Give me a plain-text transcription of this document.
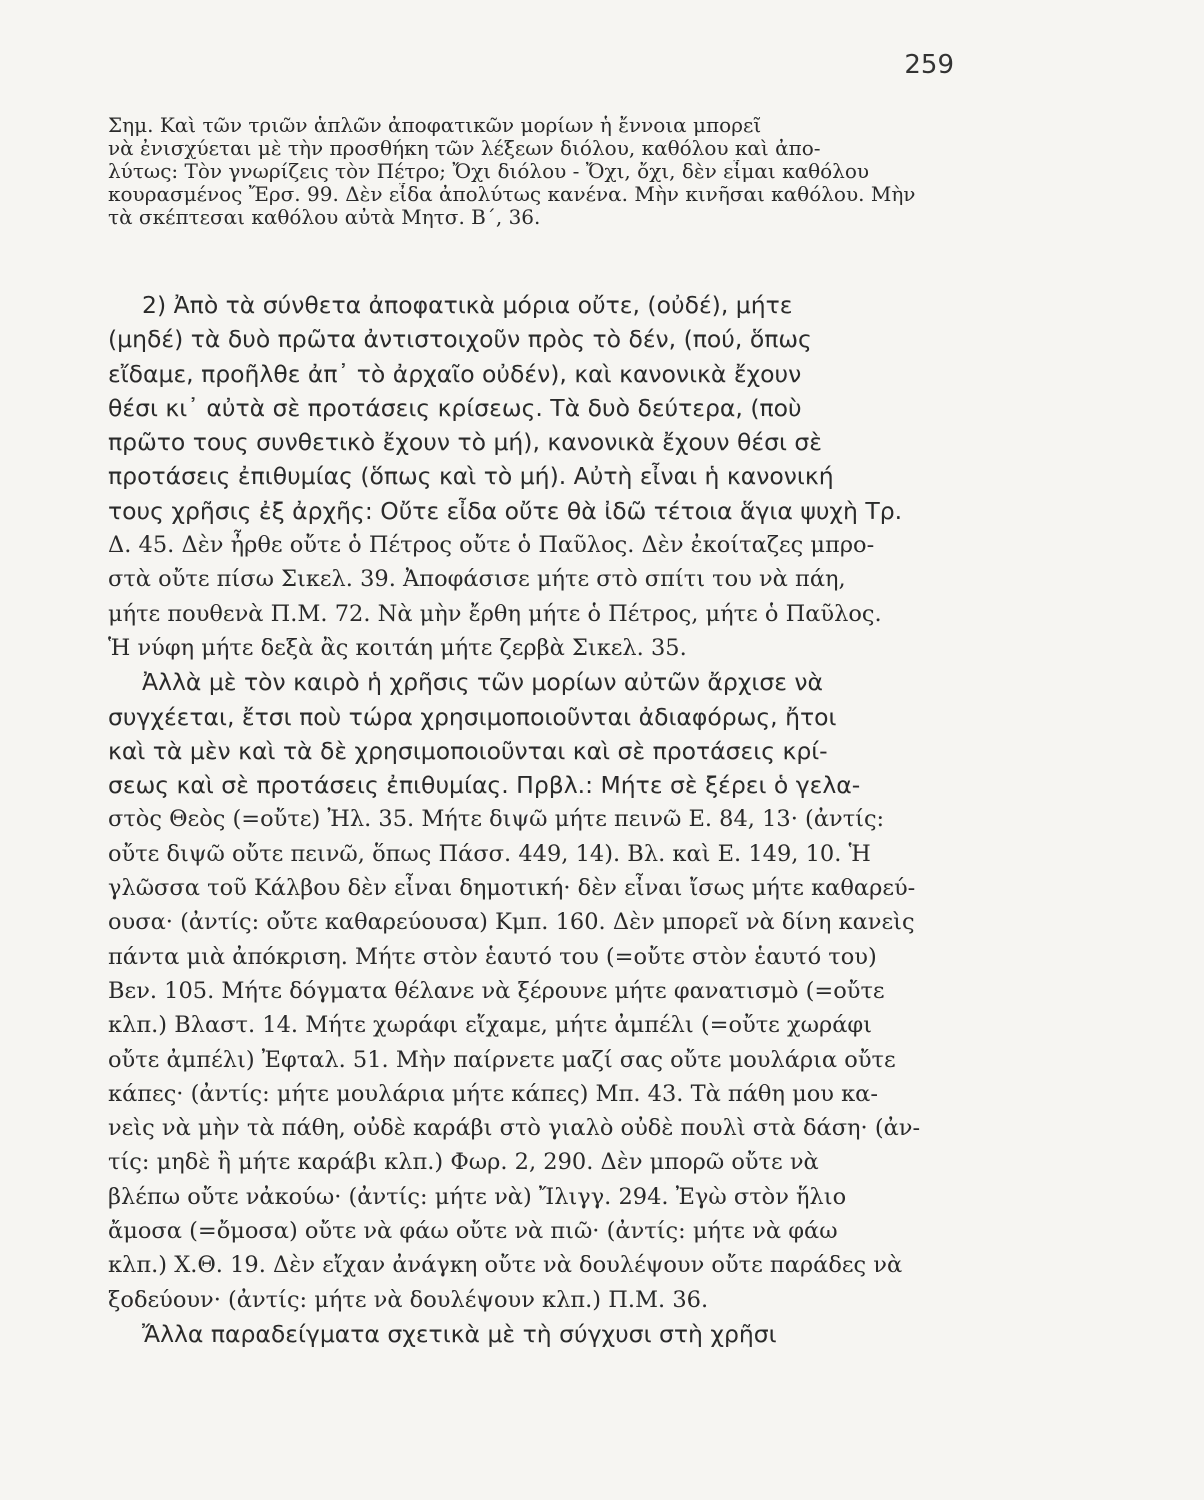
259
Σημ. Καὶ τῶν τριῶν ἁπλῶν ἀποφατικῶν μορίων ἡ ἔννοια μπορεῖ
νὰ ἐνισχύεται μὲ τὴν προσθήκη τῶν λέξεων διόλου, καθόλου καὶ ἀπο-
λύτως: Τὸν γνωρίζεις τὸν Πέτρο; Ὄχι διόλου - Ὄχι, ὄχι, δὲν εἶμαι καθόλου
κουρασμένος Ἔρσ. 99. Δὲν εἶδα ἀπολύτως κανένα. Μὴν κινῆσαι καθόλου. Μὴν
τὰ σκέπτεσαι καθόλου αὐτὰ Μητσ. Β΄, 36.
2) Ἀπὸ τὰ σύνθετα ἀποφατικὰ μόρια οὔτε, (οὐδέ), μήτε
(μηδέ) τὰ δυὸ πρῶτα ἀντιστοιχοῦν πρὸς τὸ δέν, (πού, ὅπως
εἴδαμε, προῆλθε ἀπ᾿ τὸ ἀρχαῖο οὐδέν), καὶ κανονικὰ ἔχουν
θέσι κι᾿ αὐτὰ σὲ προτάσεις κρίσεως. Τὰ δυὸ δεύτερα, (ποὺ
πρῶτο τους συνθετικὸ ἔχουν τὸ μή), κανονικὰ ἔχουν θέσι σὲ
προτάσεις ἐπιθυμίας (ὅπως καὶ τὸ μή). Αὐτὴ εἶναι ἡ κανονική
τους χρῆσις ἐξ ἀρχῆς: Οὔτε εἶδα οὔτε θὰ ἰδῶ τέτοια ἅγια ψυχὴ Τρ.
Δ. 45. Δὲν ἦρθε οὔτε ὁ Πέτρος οὔτε ὁ Παῦλος. Δὲν ἐκοίταζες μπρο-
στὰ οὔτε πίσω Σικελ. 39. Ἀποφάσισε μήτε στὸ σπίτι του νὰ πάη,
μήτε πουθενὰ Π.Μ. 72. Νὰ μὴν ἔρθη μήτε ὁ Πέτρος, μήτε ὁ Παῦλος.
Ἡ νύφη μήτε δεξὰ ἂς κοιτάη μήτε ζερβὰ Σικελ. 35.
Ἀλλὰ μὲ τὸν καιρὸ ἡ χρῆσις τῶν μορίων αὐτῶν ἄρχισε νὰ
συγχέεται, ἔτσι ποὺ τώρα χρησιμοποιοῦνται ἀδιαφόρως, ἤτοι
καὶ τὰ μὲν καὶ τὰ δὲ χρησιμοποιοῦνται καὶ σὲ προτάσεις κρί-
σεως καὶ σὲ προτάσεις ἐπιθυμίας. Πρβλ.: Μήτε σὲ ξέρει ὁ γελα-
στὸς Θεὸς (=οὔτε) Ἠλ. 35. Μήτε διψῶ μήτε πεινῶ Ε. 84, 13· (ἀντίς:
οὔτε διψῶ οὔτε πεινῶ, ὅπως Πάσσ. 449, 14). Βλ. καὶ Ε. 149, 10. Ἡ
γλῶσσα τοῦ Κάλβου δὲν εἶναι δημοτική· δὲν εἶναι ἴσως μήτε καθαρεύ-
ουσα· (ἀντίς: οὔτε καθαρεύουσα) Κμπ. 160. Δὲν μπορεῖ νὰ δίνη κανεὶς
πάντα μιὰ ἀπόκριση. Μήτε στὸν ἑαυτό του (=οὔτε στὸν ἑαυτό του)
Βεν. 105. Μήτε δόγματα θέλανε νὰ ξέρουνε μήτε φανατισμὸ (=οὔτε
κλπ.) Βλαστ. 14. Μήτε χωράφι εἴχαμε, μήτε ἀμπέλι (=οὔτε χωράφι
οὔτε ἀμπέλι) Ἐφταλ. 51. Μὴν παίρνετε μαζί σας οὔτε μουλάρια οὔτε
κάπες· (ἀντίς: μήτε μουλάρια μήτε κάπες) Μπ. 43. Τὰ πάθη μου κα-
νεὶς νὰ μὴν τὰ πάθη, οὐδὲ καράβι στὸ γιαλὸ οὐδὲ πουλὶ στὰ δάση· (ἀν-
τίς: μηδὲ ἢ μήτε καράβι κλπ.) Φωρ. 2, 290. Δὲν μπορῶ οὔτε νὰ
βλέπω οὔτε νἀκούω· (ἀντίς: μήτε νὰ) Ἴλιγγ. 294. Ἐγὼ στὸν ἥλιο
ἄμοσα (=ὄμοσα) οὔτε νὰ φάω οὔτε νὰ πιῶ· (ἀντίς: μήτε νὰ φάω
κλπ.) Χ.Θ. 19. Δὲν εἴχαν ἀνάγκη οὔτε νὰ δουλέψουν οὔτε παράδες νὰ
ξοδεύουν· (ἀντίς: μήτε νὰ δουλέψουν κλπ.) Π.Μ. 36.
Ἄλλα παραδείγματα σχετικὰ μὲ τὴ σύγχυσι στὴ χρῆσι
